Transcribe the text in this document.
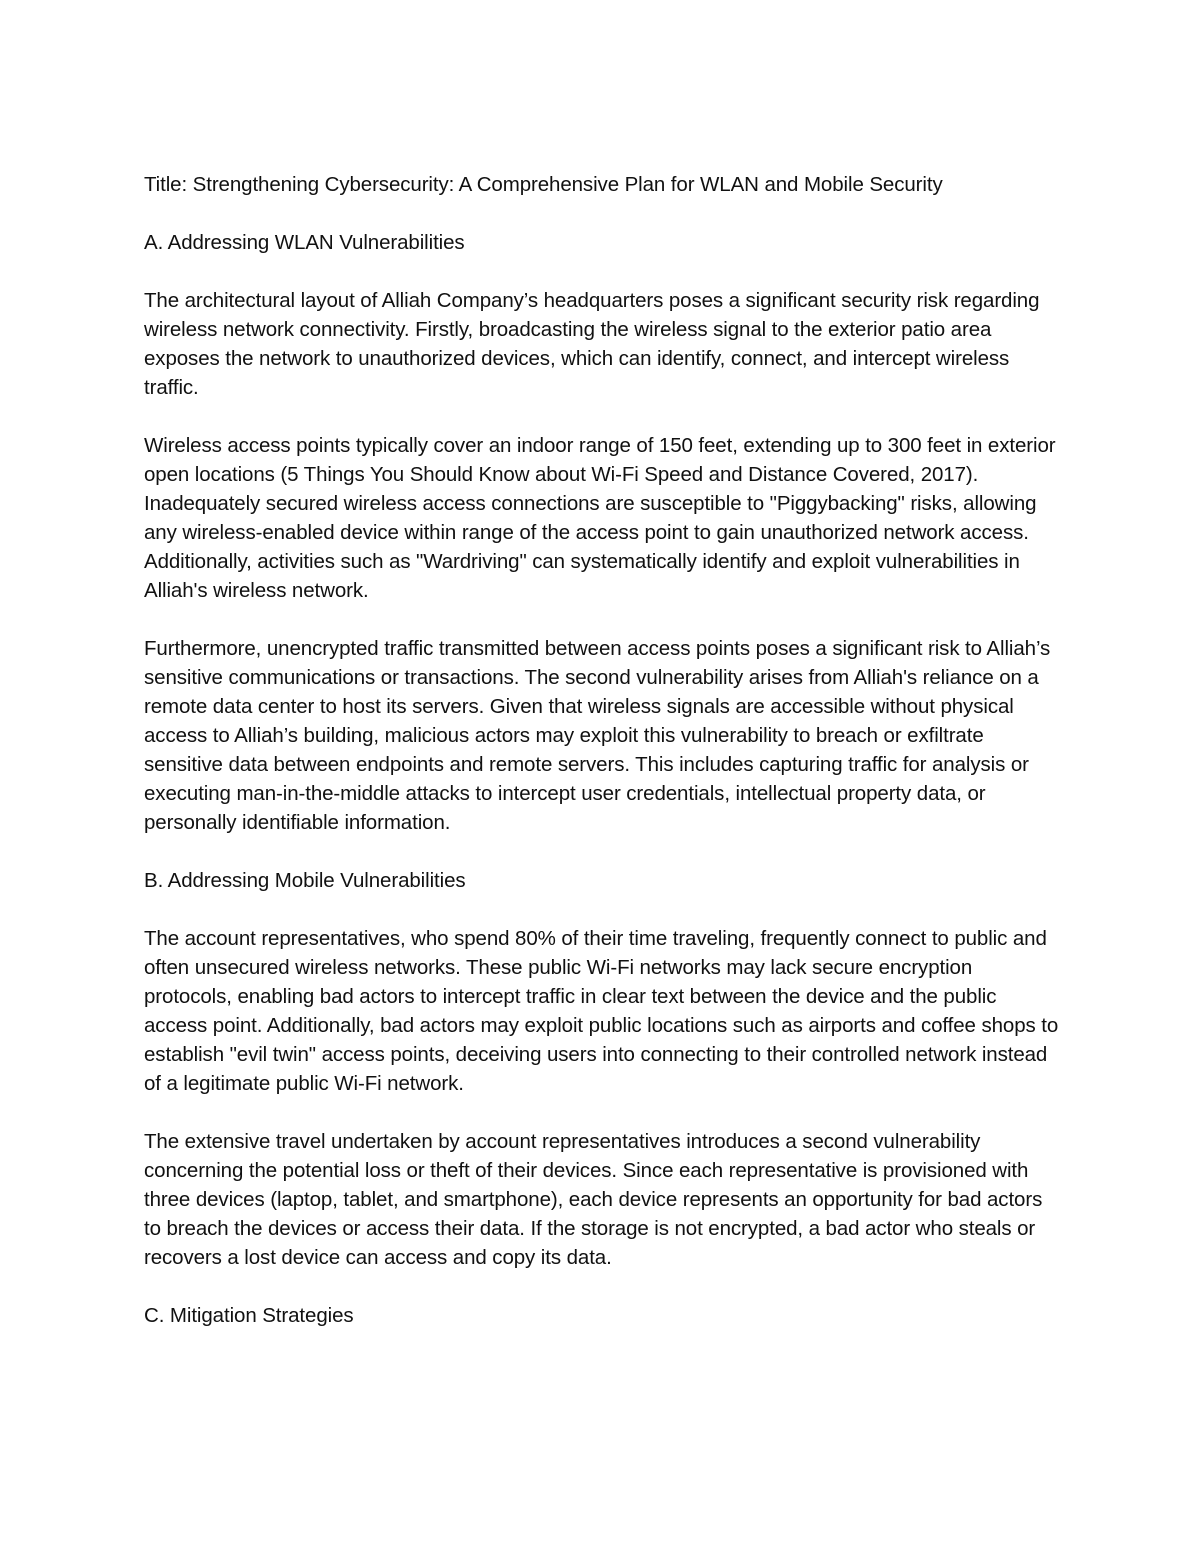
Title: Strengthening Cybersecurity: A Comprehensive Plan for WLAN and Mobile Security

A. Addressing WLAN Vulnerabilities

The architectural layout of Alliah Company’s headquarters poses a significant security risk regarding wireless network connectivity. Firstly, broadcasting the wireless signal to the exterior patio area exposes the network to unauthorized devices, which can identify, connect, and intercept wireless traffic.

Wireless access points typically cover an indoor range of 150 feet, extending up to 300 feet in exterior open locations (5 Things You Should Know about Wi-Fi Speed and Distance Covered, 2017). Inadequately secured wireless access connections are susceptible to "Piggybacking" risks, allowing any wireless-enabled device within range of the access point to gain unauthorized network access. Additionally, activities such as "Wardriving" can systematically identify and exploit vulnerabilities in Alliah's wireless network.

Furthermore, unencrypted traffic transmitted between access points poses a significant risk to Alliah’s sensitive communications or transactions. The second vulnerability arises from Alliah's reliance on a remote data center to host its servers. Given that wireless signals are accessible without physical access to Alliah’s building, malicious actors may exploit this vulnerability to breach or exfiltrate sensitive data between endpoints and remote servers. This includes capturing traffic for analysis or executing man-in-the-middle attacks to intercept user credentials, intellectual property data, or personally identifiable information.

B. Addressing Mobile Vulnerabilities

The account representatives, who spend 80% of their time traveling, frequently connect to public and often unsecured wireless networks. These public Wi-Fi networks may lack secure encryption protocols, enabling bad actors to intercept traffic in clear text between the device and the public access point. Additionally, bad actors may exploit public locations such as airports and coffee shops to establish "evil twin" access points, deceiving users into connecting to their controlled network instead of a legitimate public Wi-Fi network.

The extensive travel undertaken by account representatives introduces a second vulnerability concerning the potential loss or theft of their devices. Since each representative is provisioned with three devices (laptop, tablet, and smartphone), each device represents an opportunity for bad actors to breach the devices or access their data. If the storage is not encrypted, a bad actor who steals or recovers a lost device can access and copy its data.

C. Mitigation Strategies
